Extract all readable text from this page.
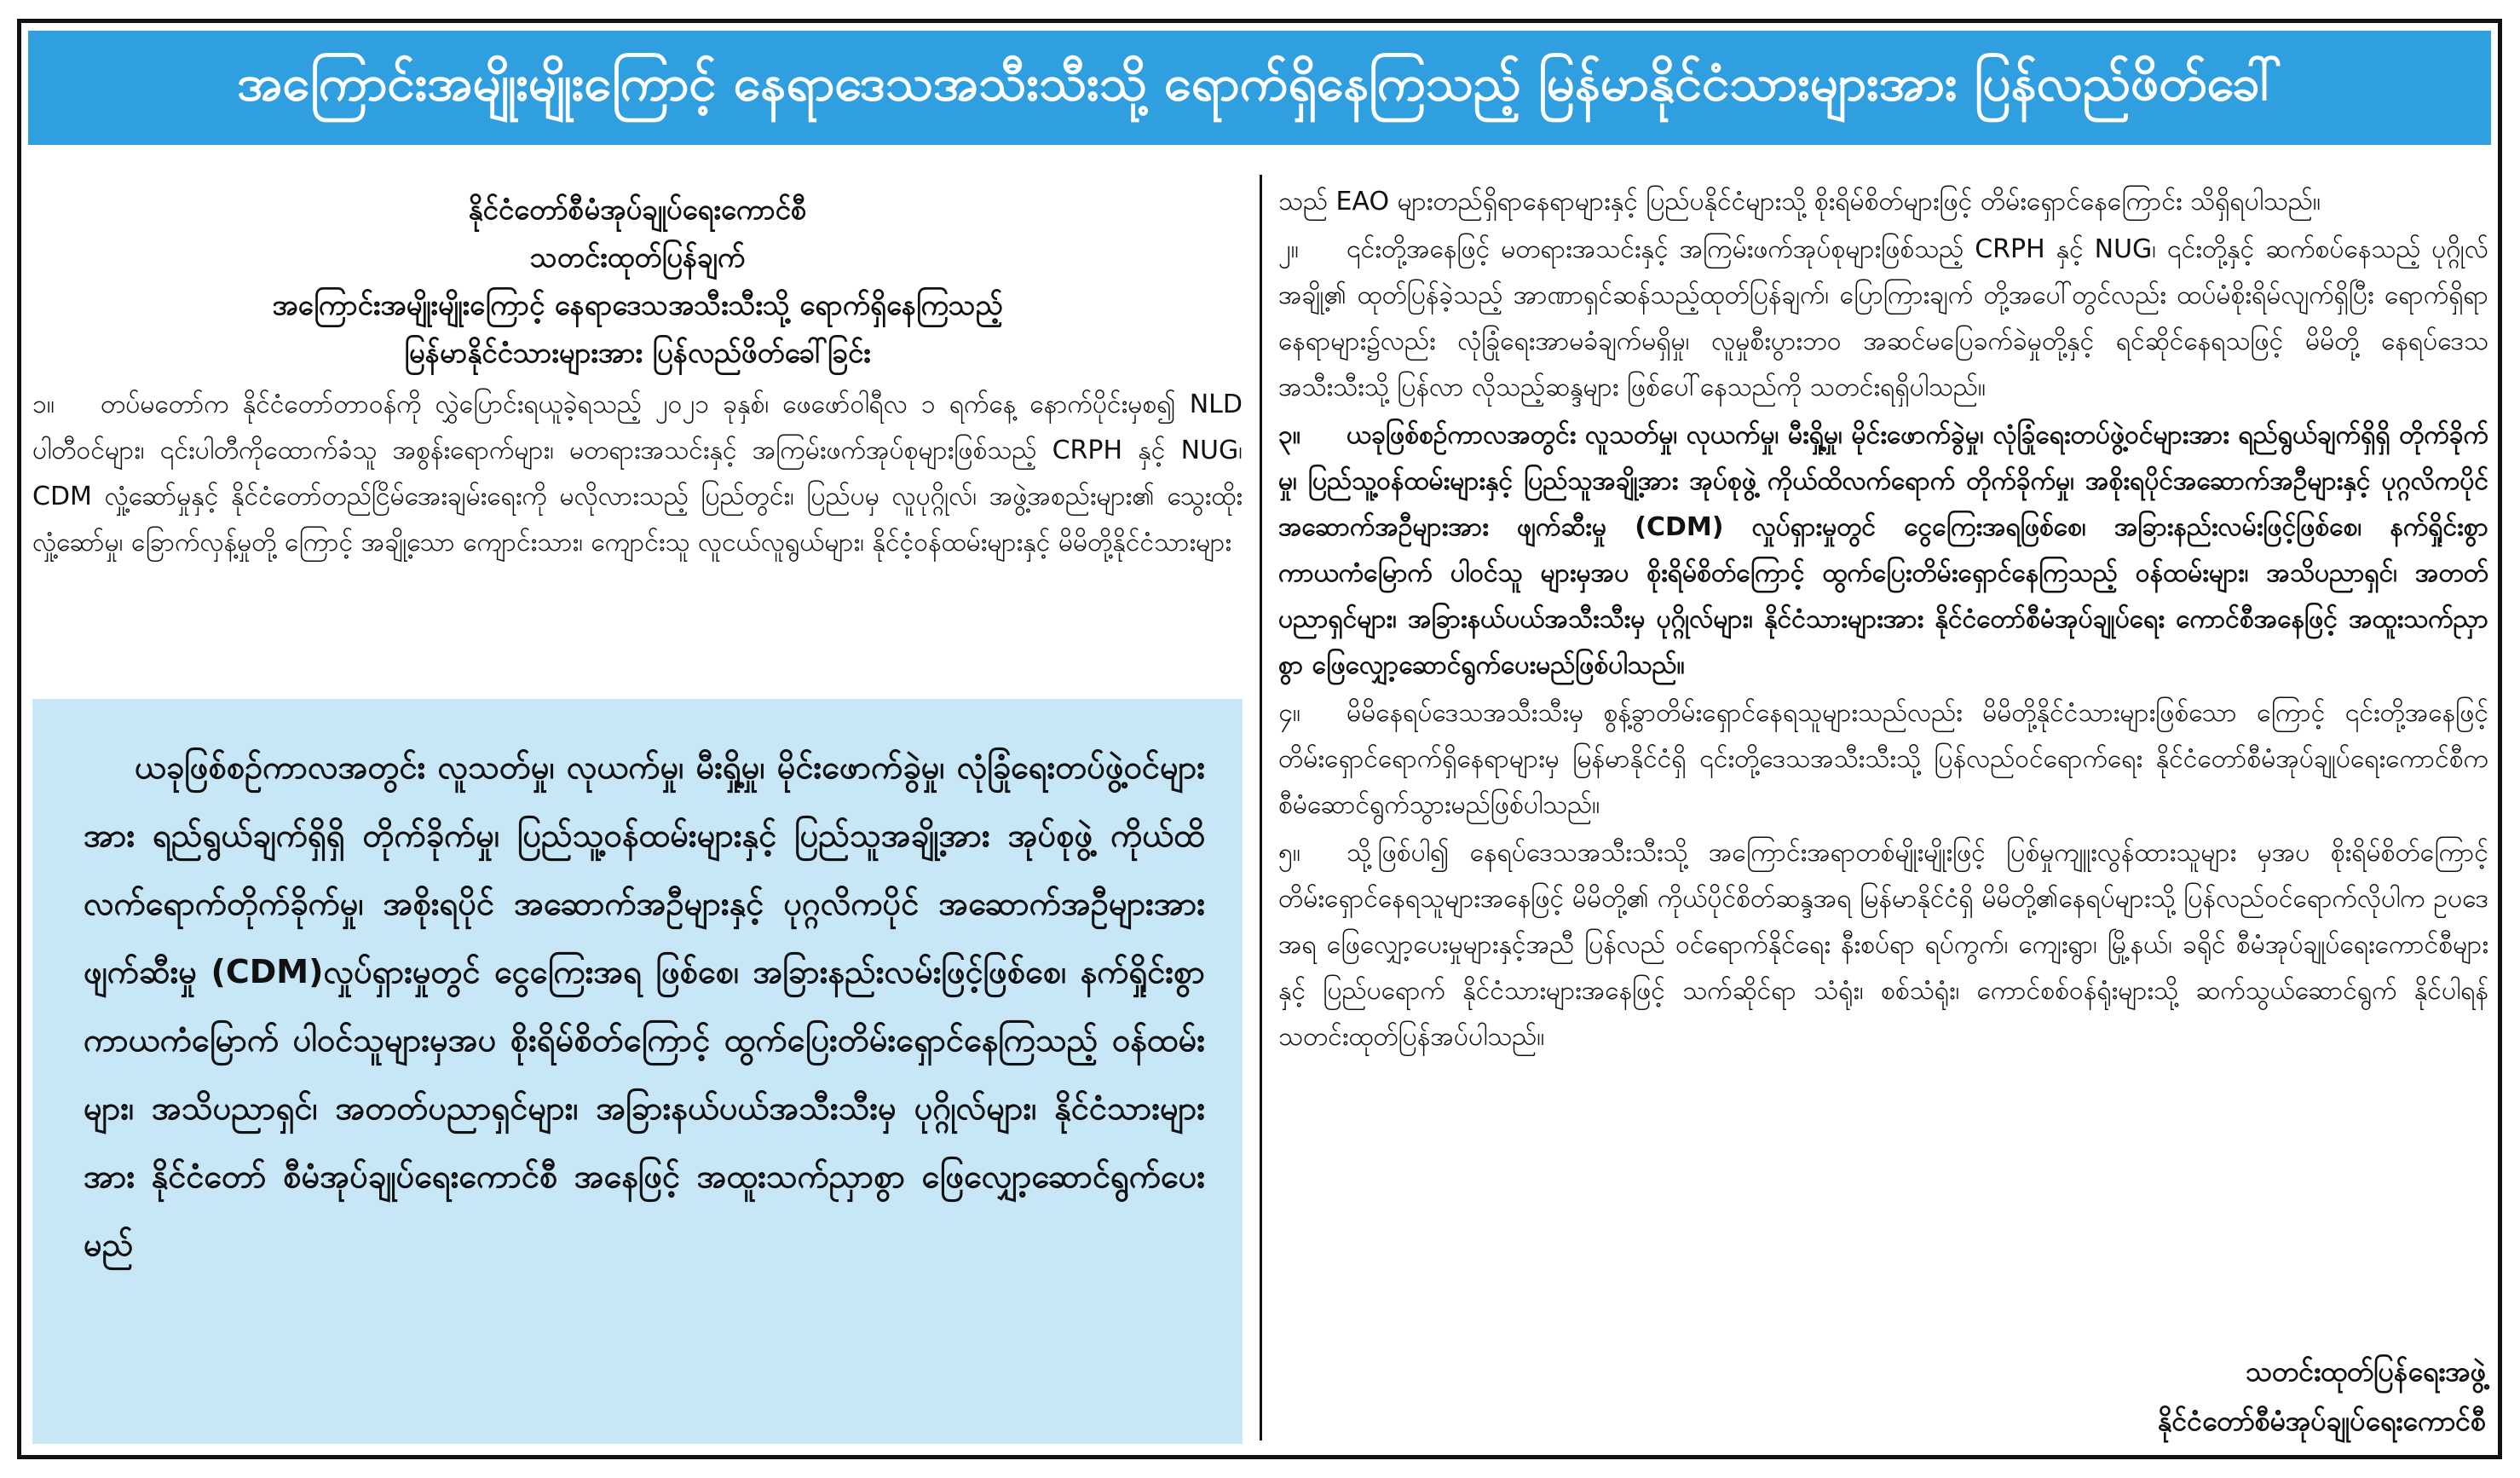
အကြောင်းအမျိုးမျိုးကြောင့် နေရာဒေသအသီးသီးသို့ ရောက်ရှိနေကြသည့် မြန်မာနိုင်ငံသားများအား ပြန်လည်ဖိတ်ခေါ်
နိုင်ငံတော်စီမံအုပ်ချုပ်ရေးကောင်စီ
သတင်းထုတ်ပြန်ချက်
အကြောင်းအမျိုးမျိုးကြောင့် နေရာဒေသအသီးသီးသို့ ရောက်ရှိနေကြသည့်
မြန်မာနိုင်ငံသားများအား ပြန်လည်ဖိတ်ခေါ်ခြင်း

၁။ တပ်မတော်က နိုင်ငံတော်တာဝန်ကို လွှဲပြောင်းရယူခဲ့ရသည့် ၂၀၂၁ ခုနှစ်၊ ဖေဖော်ဝါရီလ ၁ ရက်နေ့ နောက်ပိုင်းမှစ၍ NLD ပါတီဝင်များ၊ ၎င်းပါတီကိုထောက်ခံသူ အစွန်းရောက်များ၊ မတရားအသင်းနှင့် အကြမ်းဖက်အုပ်စုများဖြစ်သည့် CRPH နှင့် NUG၊ CDM လှုံ့ဆော်မှုနှင့် နိုင်ငံတော်တည်ငြိမ်အေးချမ်းရေးကို မလိုလားသည့် ပြည်တွင်း၊ ပြည်ပမှ လူပုဂ္ဂိုလ်၊ အဖွဲ့အစည်းများ၏ သွေးထိုးလှုံ့ဆော်မှု၊ ခြောက်လှန့်မှုတို့ ကြောင့် အချို့သော ကျောင်းသား၊ ကျောင်းသူ လူငယ်လူရွယ်များ၊ နိုင်ငံ့ဝန်ထမ်းများနှင့် မိမိတို့နိုင်ငံသားများ

ယခုဖြစ်စဉ်ကာလအတွင်း လူသတ်မှု၊ လုယက်မှု၊ မီးရှို့မှု၊ မိုင်းဖောက်ခွဲမှု၊ လုံခြုံရေးတပ်ဖွဲ့ဝင်များအား ရည်ရွယ်ချက်ရှိရှိ တိုက်ခိုက်မှု၊ ပြည်သူ့ဝန်ထမ်းများနှင့် ပြည်သူအချို့အား အုပ်စုဖွဲ့ ကိုယ်ထိလက်ရောက်တိုက်ခိုက်မှု၊ အစိုးရပိုင် အဆောက်အဦများနှင့် ပုဂ္ဂလိကပိုင် အဆောက်အဦများအား ဖျက်ဆီးမှု (CDM)လှုပ်ရှားမှုတွင် ငွေကြေးအရ ဖြစ်စေ၊ အခြားနည်းလမ်းဖြင့်ဖြစ်စေ၊ နက်ရှိုင်းစွာ ကာယကံမြောက် ပါဝင်သူများမှအပ စိုးရိမ်စိတ်ကြောင့် ထွက်ပြေးတိမ်းရှောင်နေကြသည့် ဝန်ထမ်းများ၊ အသိပညာရှင်၊ အတတ်ပညာရှင်များ၊ အခြားနယ်ပယ်အသီးသီးမှ ပုဂ္ဂိုလ်များ၊ နိုင်ငံသားများအား နိုင်ငံတော် စီမံအုပ်ချုပ်ရေးကောင်စီ အနေဖြင့် အထူးသက်ညှာစွာ ဖြေလျှော့ဆောင်ရွက်ပေးမည်

သည် EAO များတည်ရှိရာနေရာများနှင့် ပြည်ပနိုင်ငံများသို့ စိုးရိမ်စိတ်များဖြင့် တိမ်းရှောင်နေကြောင်း သိရှိရပါသည်။

၂။ ၎င်းတို့အနေဖြင့် မတရားအသင်းနှင့် အကြမ်းဖက်အုပ်စုများဖြစ်သည့် CRPH နှင့် NUG၊ ၎င်းတို့နှင့် ဆက်စပ်နေသည့် ပုဂ္ဂိုလ်အချို့၏ ထုတ်ပြန်ခဲ့သည့် အာဏာရှင်ဆန်သည့်ထုတ်ပြန်ချက်၊ ပြောကြားချက် တို့အပေါ်တွင်လည်း ထပ်မံစိုးရိမ်လျက်ရှိပြီး ရောက်ရှိရာနေရာများ၌လည်း လုံခြုံရေးအာမခံချက်မရှိမှု၊ လူမှုစီးပွားဘဝ အဆင်မပြေခက်ခဲမှုတို့နှင့် ရင်ဆိုင်နေရသဖြင့် မိမိတို့ နေရပ်ဒေသအသီးသီးသို့ ပြန်လာ လိုသည့်ဆန္ဒများ ဖြစ်ပေါ်နေသည်ကို သတင်းရရှိပါသည်။

၃။ ယခုဖြစ်စဉ်ကာလအတွင်း လူသတ်မှု၊ လုယက်မှု၊ မီးရှို့မှု၊ မိုင်းဖောက်ခွဲမှု၊ လုံခြုံရေးတပ်ဖွဲ့ဝင်များအား ရည်ရွယ်ချက်ရှိရှိ တိုက်ခိုက်မှု၊ ပြည်သူ့ဝန်ထမ်းများနှင့် ပြည်သူအချို့အား အုပ်စုဖွဲ့ ကိုယ်ထိလက်ရောက် တိုက်ခိုက်မှု၊ အစိုးရပိုင်အဆောက်အဦများနှင့် ပုဂ္ဂလိကပိုင် အဆောက်အဦများအား ဖျက်ဆီးမှု (CDM) လှုပ်ရှားမှုတွင် ငွေကြေးအရဖြစ်စေ၊ အခြားနည်းလမ်းဖြင့်ဖြစ်စေ၊ နက်ရှိုင်းစွာ ကာယကံမြောက် ပါဝင်သူ များမှအပ စိုးရိမ်စိတ်ကြောင့် ထွက်ပြေးတိမ်းရှောင်နေကြသည့် ဝန်ထမ်းများ၊ အသိပညာရှင်၊ အတတ် ပညာရှင်များ၊ အခြားနယ်ပယ်အသီးသီးမှ ပုဂ္ဂိုလ်များ၊ နိုင်ငံသားများအား နိုင်ငံတော်စီမံအုပ်ချုပ်ရေး ကောင်စီအနေဖြင့် အထူးသက်ညှာစွာ ဖြေလျှော့ဆောင်ရွက်ပေးမည်ဖြစ်ပါသည်။

၄။ မိမိနေရပ်ဒေသအသီးသီးမှ စွန့်ခွာတိမ်းရှောင်နေရသူများသည်လည်း မိမိတို့နိုင်ငံသားများဖြစ်သော ကြောင့် ၎င်းတို့အနေဖြင့် တိမ်းရှောင်ရောက်ရှိနေရာများမှ မြန်မာနိုင်ငံရှိ ၎င်းတို့ဒေသအသီးသီးသို့ ပြန်လည်ဝင်ရောက်ရေး နိုင်ငံတော်စီမံအုပ်ချုပ်ရေးကောင်စီက စီမံဆောင်ရွက်သွားမည်ဖြစ်ပါသည်။

၅။ သို့ဖြစ်ပါ၍ နေရပ်ဒေသအသီးသီးသို့ အကြောင်းအရာတစ်မျိုးမျိုးဖြင့် ပြစ်မှုကျူးလွန်ထားသူများ မှအပ စိုးရိမ်စိတ်ကြောင့် တိမ်းရှောင်နေရသူများအနေဖြင့် မိမိတို့၏ ကိုယ်ပိုင်စိတ်ဆန္ဒအရ မြန်မာနိုင်ငံရှိ မိမိတို့၏နေရပ်များသို့ ပြန်လည်ဝင်ရောက်လိုပါက ဥပဒေအရ ဖြေလျှော့ပေးမှုများနှင့်အညီ ပြန်လည် ဝင်ရောက်နိုင်ရေး နီးစပ်ရာ ရပ်ကွက်၊ ကျေးရွာ၊ မြို့နယ်၊ ခရိုင် စီမံအုပ်ချုပ်ရေးကောင်စီများနှင့် ပြည်ပရောက် နိုင်ငံသားများအနေဖြင့် သက်ဆိုင်ရာ သံရုံး၊ စစ်သံရုံး၊ ကောင်စစ်ဝန်ရုံးများသို့ ဆက်သွယ်ဆောင်ရွက် နိုင်ပါရန် သတင်းထုတ်ပြန်အပ်ပါသည်။

သတင်းထုတ်ပြန်ရေးအဖွဲ့
နိုင်ငံတော်စီမံအုပ်ချုပ်ရေးကောင်စီ
